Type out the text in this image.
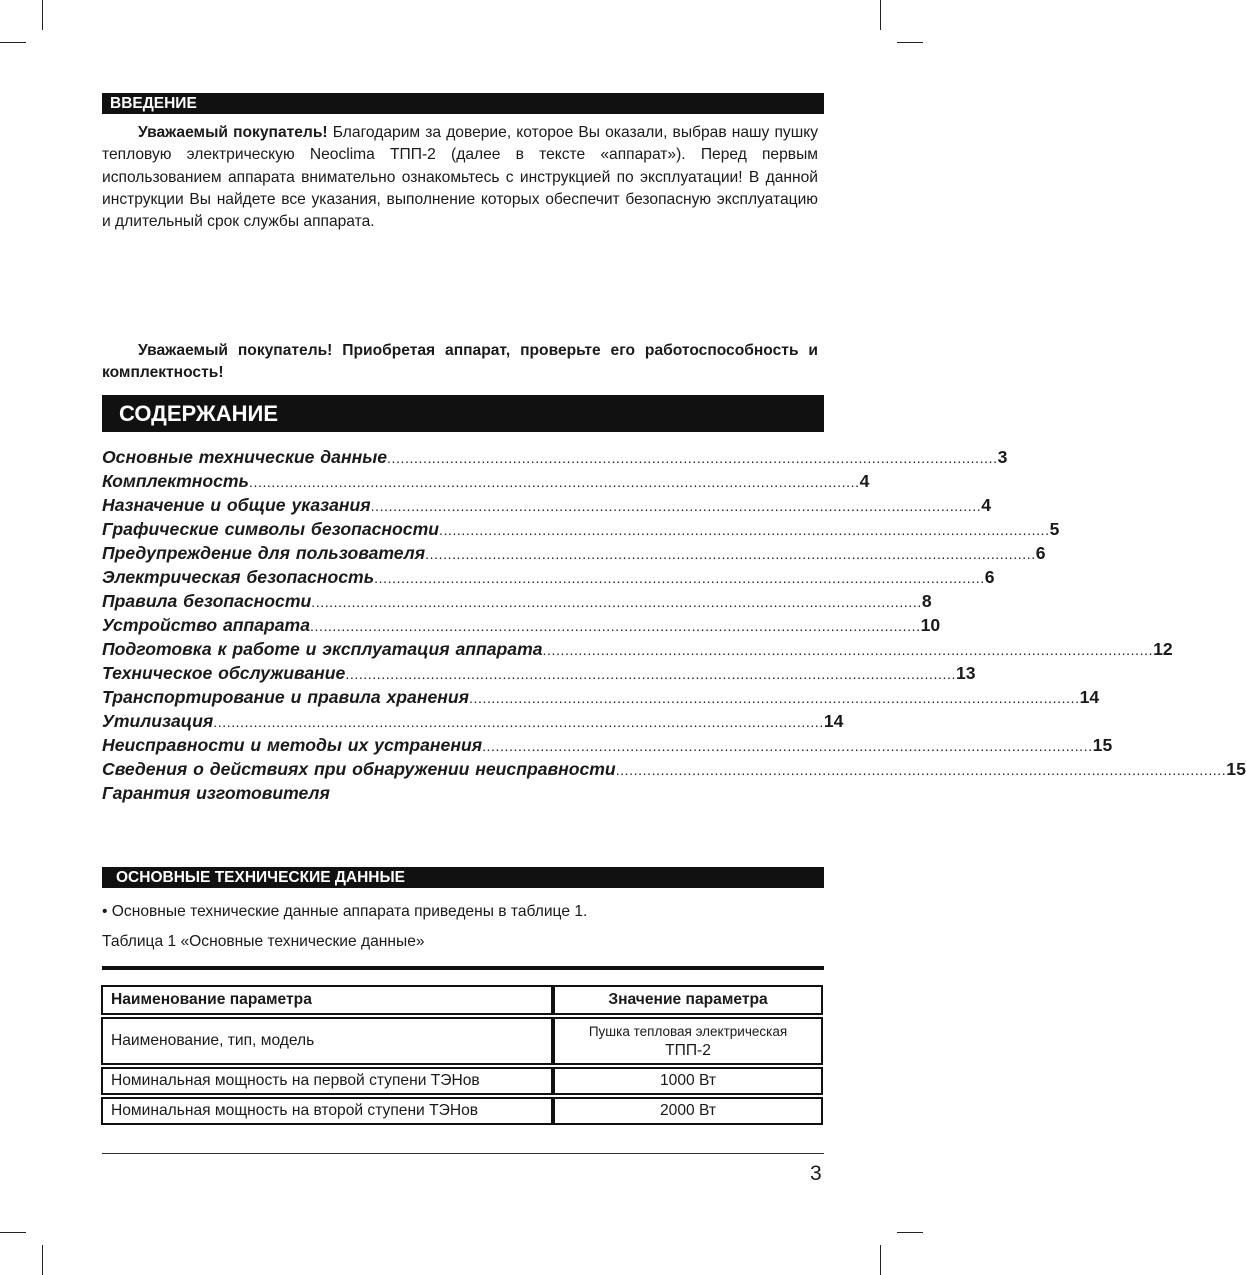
ВВЕДЕНИЕ
Уважаемый покупатель! Благодарим за доверие, которое Вы оказали, выбрав нашу пушку тепловую электрическую Neoclima ТПП-2 (далее в тексте «аппарат»). Перед первым использованием аппарата внимательно ознакомьтесь с инструкцией по эксплуатации! В данной инструкции Вы найдете все указания, выполнение которых обеспечит безопасную эксплуатацию и длительный срок службы аппарата.
Уважаемый покупатель! Приобретая аппарат, проверьте его работоспособность и комплектность!
СОДЕРЖАНИЕ
Основные технические данные ........................................................................................................................................ 3
Комплектность ........................................................................................................................................ 4
Назначение и общие указания ........................................................................................................................................ 4
Графические символы безопасности ........................................................................................................................................ 5
Предупреждение для пользователя ........................................................................................................................................ 6
Электрическая безопасность ........................................................................................................................................ 6
Правила безопасности ........................................................................................................................................ 8
Устройство аппарата ........................................................................................................................................ 10
Подготовка к работе и эксплуатация аппарата ........................................................................................................................................ 12
Техническое обслуживание ........................................................................................................................................ 13
Транспортирование и правила хранения ........................................................................................................................................ 14
Утилизация ........................................................................................................................................ 14
Неисправности и методы их устранения ........................................................................................................................................ 15
Сведения о действиях при обнаружении неисправности ........................................................................................................................................ 15
Гарантия изготовителя
ОСНОВНЫЕ ТЕХНИЧЕСКИЕ ДАННЫЕ
• Основные технические данные аппарата приведены в таблице 1.
Таблица 1 «Основные технические данные»
Наименование параметра	Значение параметра
Наименование, тип, модель	Пушка тепловая электрическая
ТПП-2

Номинальная мощность на первой ступени ТЭНов	1000 Вт
Номинальная мощность на второй ступени ТЭНов	2000 Вт
3
